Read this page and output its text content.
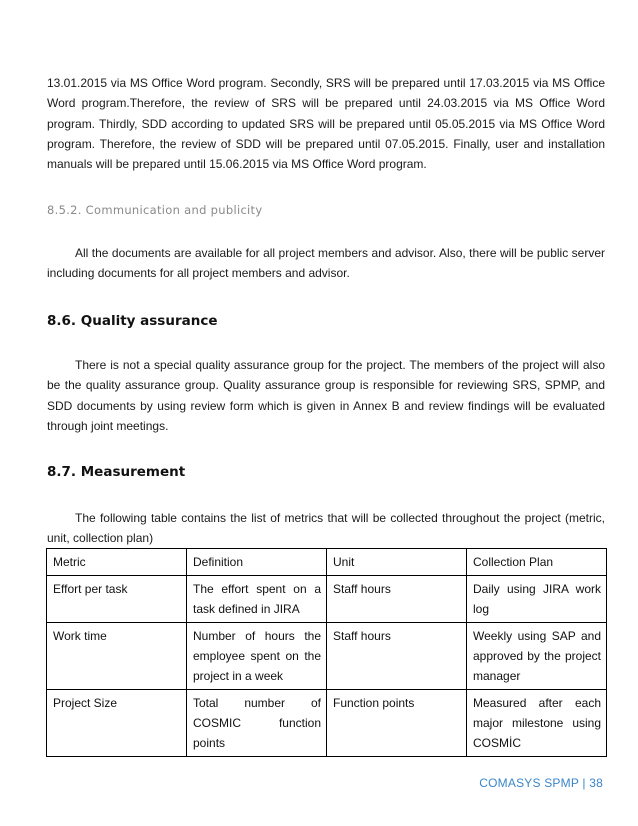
13.01.2015 via MS Office Word program. Secondly, SRS will be prepared until 17.03.2015 via MS Office Word program.Therefore, the review of SRS will be prepared until 24.03.2015 via MS Office Word program. Thirdly, SDD according to updated SRS will be prepared until 05.05.2015 via MS Office Word program. Therefore, the review of SDD will be prepared until 07.05.2015. Finally, user and installation manuals will be prepared until 15.06.2015 via MS Office Word program.

8.5.2. Communication and publicity

All the documents are available for all project members and advisor. Also, there will be public server including documents for all project members and advisor.

8.6. Quality assurance

There is not a special quality assurance group for the project. The members of the project will also be the quality assurance group. Quality assurance group is responsible for reviewing SRS, SPMP, and SDD documents by using review form which is given in Annex B and review findings will be evaluated through joint meetings.

8.7. Measurement

The following table contains the list of metrics that will be collected throughout the project (metric, unit, collection plan)

Metric	Definition	Unit	Collection Plan
Effort per task	The effort spent on a task defined in JIRA	Staff hours	Daily using JIRA work log
Work time	Number of hours the employee spent on the project in a week	Staff hours	Weekly using SAP and approved by the project manager
Project Size	Total number of COSMIC function points	Function points	Measured after each major milestone using COSMİC
COMASYS SPMP | 38
